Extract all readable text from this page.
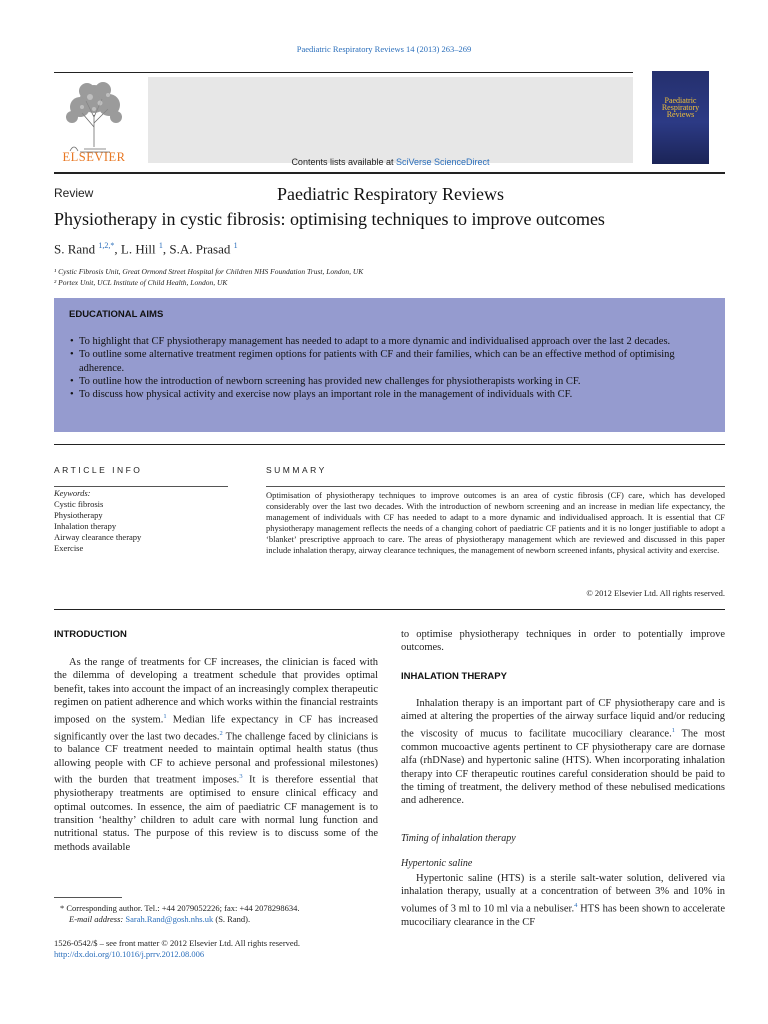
Paediatric Respiratory Reviews 14 (2013) 263–269
ELSEVIER	Contents lists available at SciVerse ScienceDirect
Paediatric Respiratory Reviews
Paediatric Respiratory Reviews
Review
Physiotherapy in cystic fibrosis: optimising techniques to improve outcomes
S. Rand $^{1,2,*}$, L. Hill $^1$, S.A. Prasad $^1$
¹ Cystic Fibrosis Unit, Great Ormond Street Hospital for Children NHS Foundation Trust, London, UK
² Portex Unit, UCL Institute of Child Health, London, UK
EDUCATIONAL AIMS
• To highlight that CF physiotherapy management has needed to adapt to a more dynamic and individualised approach over the last 2 decades.
• To outline some alternative treatment regimen options for patients with CF and their families, which can be an effective method of optimising adherence.
• To outline how the introduction of newborn screening has provided new challenges for physiotherapists working in CF.
• To discuss how physical activity and exercise now plays an important role in the management of individuals with CF.
ARTICLE INFO	SUMMARY
Keywords:
Cystic fibrosis
Physiotherapy
Inhalation therapy
Airway clearance therapy
Exercise
Optimisation of physiotherapy techniques to improve outcomes is an area of cystic fibrosis (CF) care, which has developed considerably over the last two decades. With the introduction of newborn screening and an increase in median life expectancy, the management of individuals with CF has needed to adapt to a more dynamic and individualised approach. It is essential that CF physiotherapy management reflects the needs of a changing cohort of paediatric CF patients and it is no longer justifiable to adopt a ‘blanket’ prescriptive approach to care. The areas of physiotherapy management which are reviewed and discussed in this paper include inhalation therapy, airway clearance techniques, the management of newborn screened infants, physical activity and exercise.
© 2012 Elsevier Ltd. All rights reserved.
INTRODUCTION
As the range of treatments for CF increases, the clinician is faced with the dilemma of developing a treatment schedule that provides optimal benefit, takes into account the impact of an increasingly complex therapeutic regimen on patient adherence and which works within the financial restraints imposed on the system.$^1$ Median life expectancy in CF has increased significantly over the last two decades.$^2$ The challenge faced by clinicians is to balance CF treatment needed to maintain optimal health status (thus allowing people with CF to achieve personal and professional milestones) with the burden that treatment imposes.$^3$ It is therefore essential that physiotherapy treatments are optimised to ensure clinical efficacy and optimal outcomes. In essence, the aim of paediatric CF management is to transition ‘healthy’ children to adult care with normal lung function and nutritional status. The purpose of this review is to discuss some of the methods available
to optimise physiotherapy techniques in order to potentially improve outcomes.
INHALATION THERAPY
Inhalation therapy is an important part of CF physiotherapy care and is aimed at altering the properties of the airway surface liquid and/or reducing the viscosity of mucus to facilitate mucociliary clearance.$^1$ The most common mucoactive agents pertinent to CF physiotherapy care are dornase alfa (rhDNase) and hypertonic saline (HTS). When incorporating inhalation therapy into CF therapeutic routines careful consideration should be paid to the timing of treatment, the delivery method of these nebulised medications and adherence.
Timing of inhalation therapy
Hypertonic saline
Hypertonic saline (HTS) is a sterile salt-water solution, delivered via inhalation therapy, usually at a concentration of between 3% and 10% in volumes of 3 ml to 10 ml via a nebuliser.$^4$ HTS has been shown to accelerate mucociliary clearance in the CF
* Corresponding author. Tel.: +44 2079052226; fax: +44 2078298634.
E-mail address: Sarah.Rand@gosh.nhs.uk (S. Rand).
1526-0542/$ – see front matter © 2012 Elsevier Ltd. All rights reserved.
http://dx.doi.org/10.1016/j.prrv.2012.08.006
